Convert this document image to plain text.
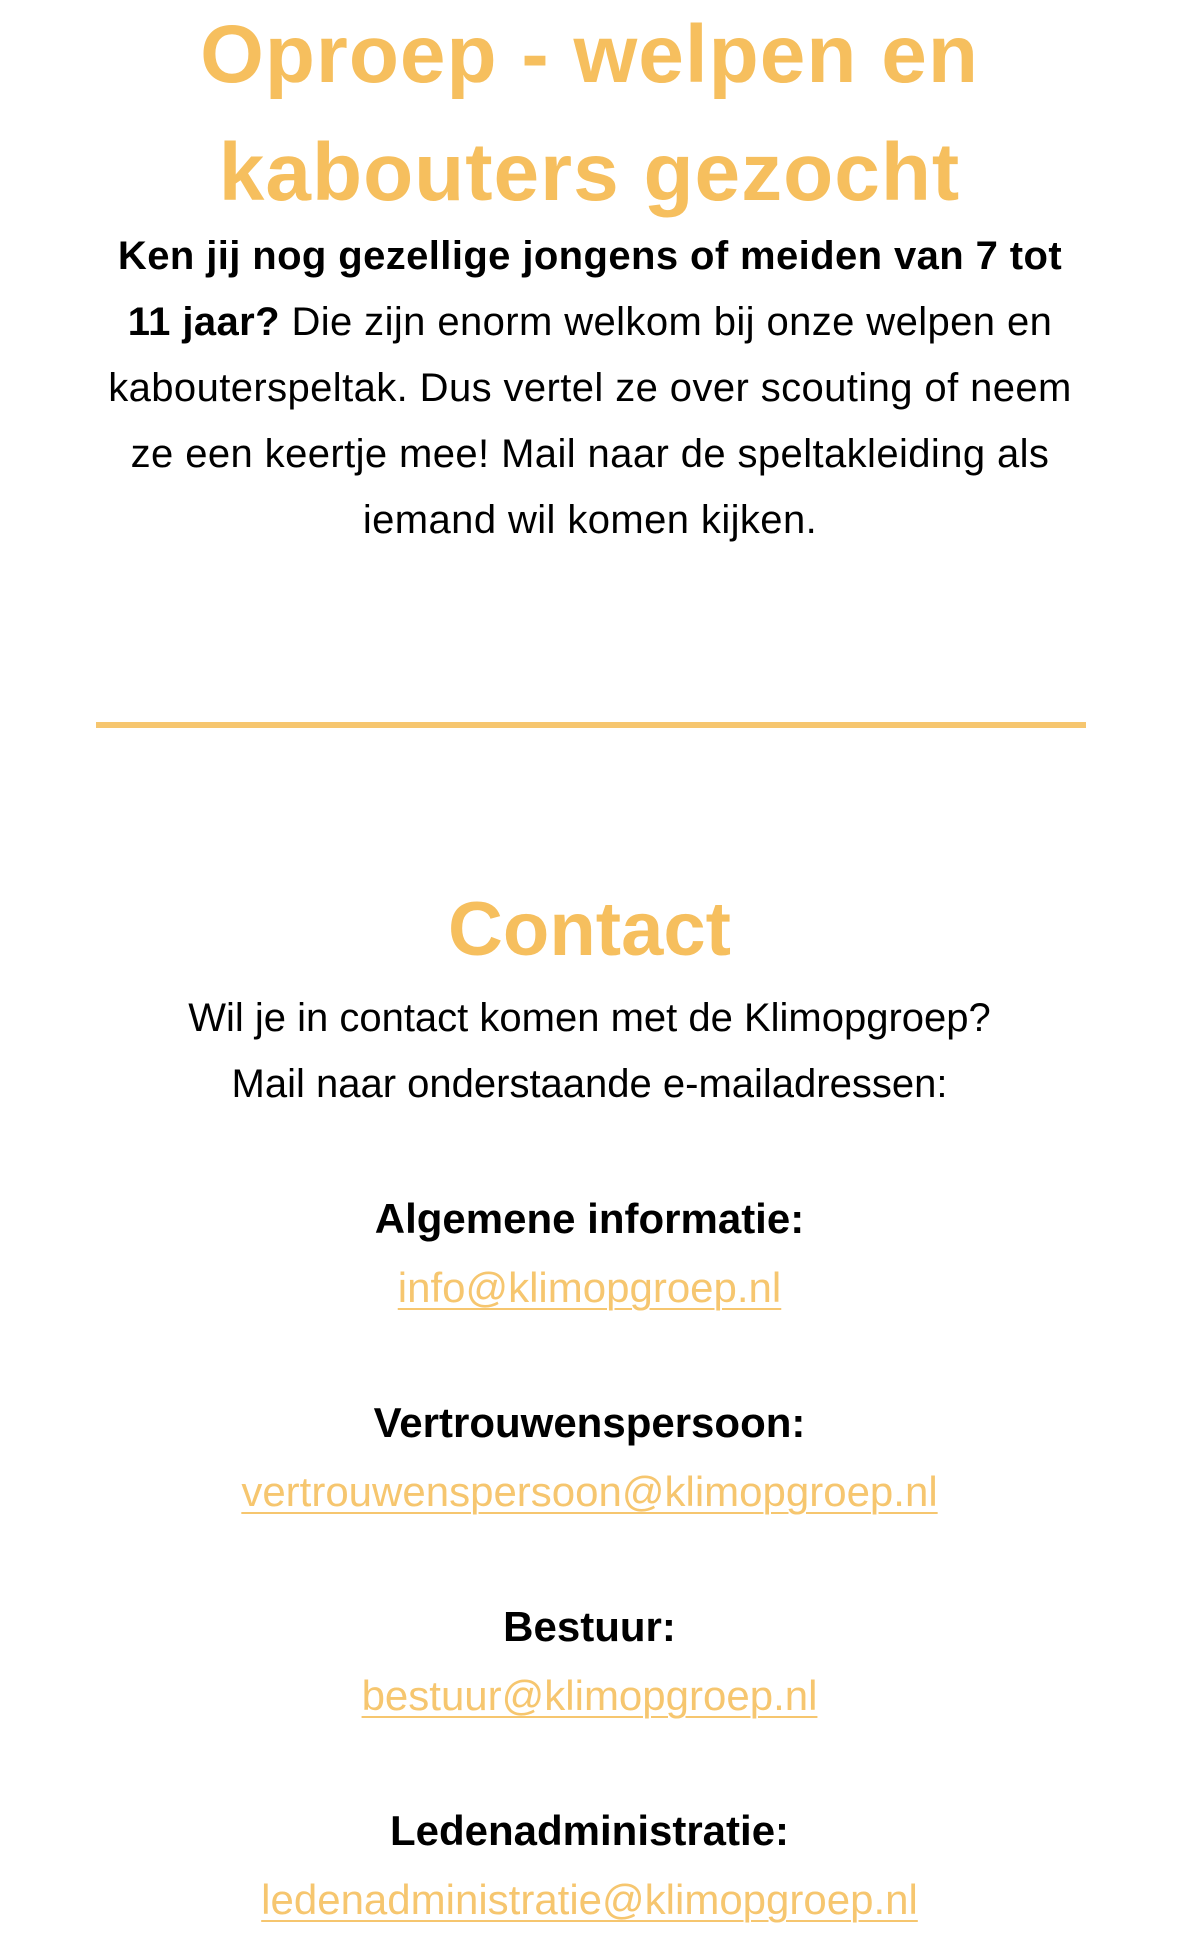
Oproep - welpen en
kabouters gezocht

Ken jij nog gezellige jongens of meiden van 7 tot 11 jaar? Die zijn enorm welkom bij onze welpen en kabouterspeltak. Dus vertel ze over scouting of neem ze een keertje mee! Mail naar de speltakleiding als iemand wil komen kijken.

Contact

Wil je in contact komen met de Klimopgroep?
Mail naar onderstaande e-mailadressen:

Algemene informatie:
info@klimopgroep.nl
Vertrouwenspersoon:
vertrouwenspersoon@klimopgroep.nl
Bestuur:
bestuur@klimopgroep.nl
Ledenadministratie:
ledenadministratie@klimopgroep.nl
